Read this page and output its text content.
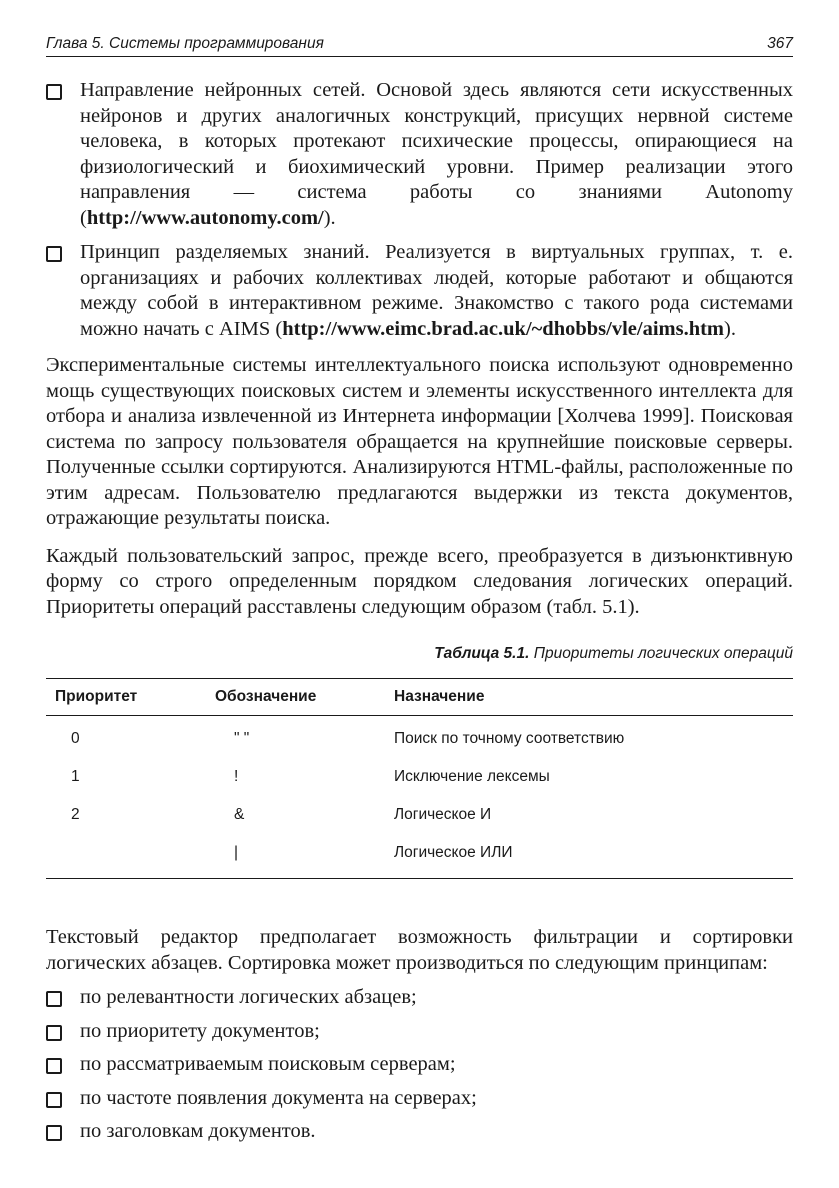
Глава 5. Системы программирования	367
Направление нейронных сетей. Основой здесь являются сети искусственных нейронов и других аналогичных конструкций, присущих нервной системе человека, в которых протекают психические процессы, опирающиеся на физиологический и биохимический уровни. Пример реализации этого направления — система работы со знаниями Autonomy (http://www.autonomy.com/).
Принцип разделяемых знаний. Реализуется в виртуальных группах, т. е. организациях и рабочих коллективах людей, которые работают и общаются между собой в интерактивном режиме. Знакомство с такого рода системами можно начать с AIMS (http://www.eimc.brad.ac.uk/~dhobbs/vle/aims.htm).

Экспериментальные системы интеллектуального поиска используют одновременно мощь существующих поисковых систем и элементы искусственного интеллекта для отбора и анализа извлеченной из Интернета информации [Холчева 1999]. Поисковая система по запросу пользователя обращается на крупнейшие поисковые серверы. Полученные ссылки сортируются. Анализируются HTML-файлы, расположенные по этим адресам. Пользователю предлагаются выдержки из текста документов, отражающие результаты поиска.

Каждый пользовательский запрос, прежде всего, преобразуется в дизъюнктивную форму со строго определенным порядком следования логических операций. Приоритеты операций расставлены следующим образом (табл. 5.1).

Таблица 5.1. Приоритеты логических операций
Приоритет	Обозначение	Назначение
0	" "	Поиск по точному соответствию
1	!	Исключение лексемы
2	&	Логическое И
	|	Логическое ИЛИ

Текстовый редактор предполагает возможность фильтрации и сортировки логических абзацев. Сортировка может производиться по следующим принципам:

по релевантности логических абзацев;
по приоритету документов;
по рассматриваемым поисковым серверам;
по частоте появления документа на серверах;
по заголовкам документов.
